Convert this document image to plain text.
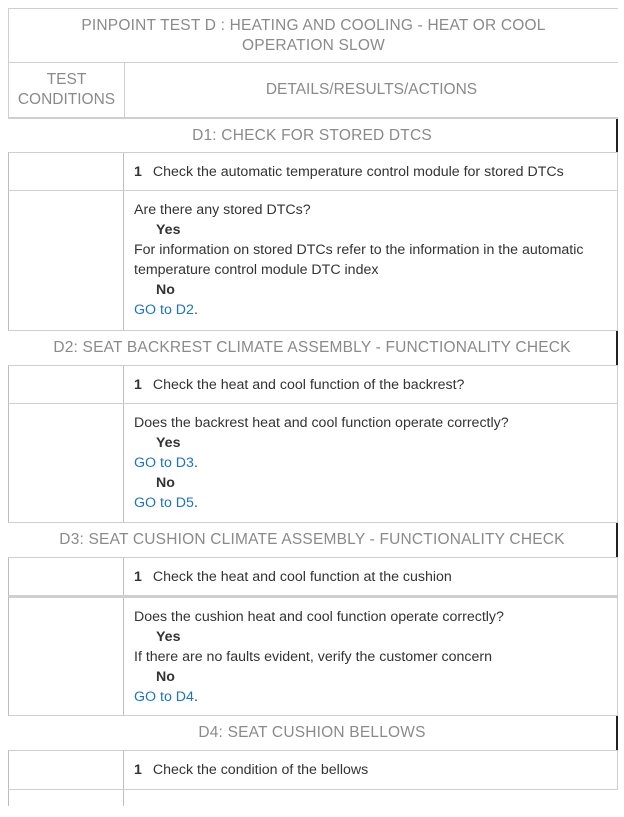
PINPOINT TEST D : HEATING AND COOLING - HEAT OR COOL OPERATION SLOW
TEST CONDITIONS
DETAILS/RESULTS/ACTIONS
D1: CHECK FOR STORED DTCS
1 Check the automatic temperature control module for stored DTCs
Are there any stored DTCs?
Yes
For information on stored DTCs refer to the information in the automatic temperature control module DTC index
No
GO to D2.
D2: SEAT BACKREST CLIMATE ASSEMBLY - FUNCTIONALITY CHECK
1 Check the heat and cool function of the backrest?
Does the backrest heat and cool function operate correctly?
Yes
GO to D3.
No
GO to D5.
D3: SEAT CUSHION CLIMATE ASSEMBLY - FUNCTIONALITY CHECK
1 Check the heat and cool function at the cushion
Does the cushion heat and cool function operate correctly?
Yes
If there are no faults evident, verify the customer concern
No
GO to D4.
D4: SEAT CUSHION BELLOWS
1 Check the condition of the bellows
